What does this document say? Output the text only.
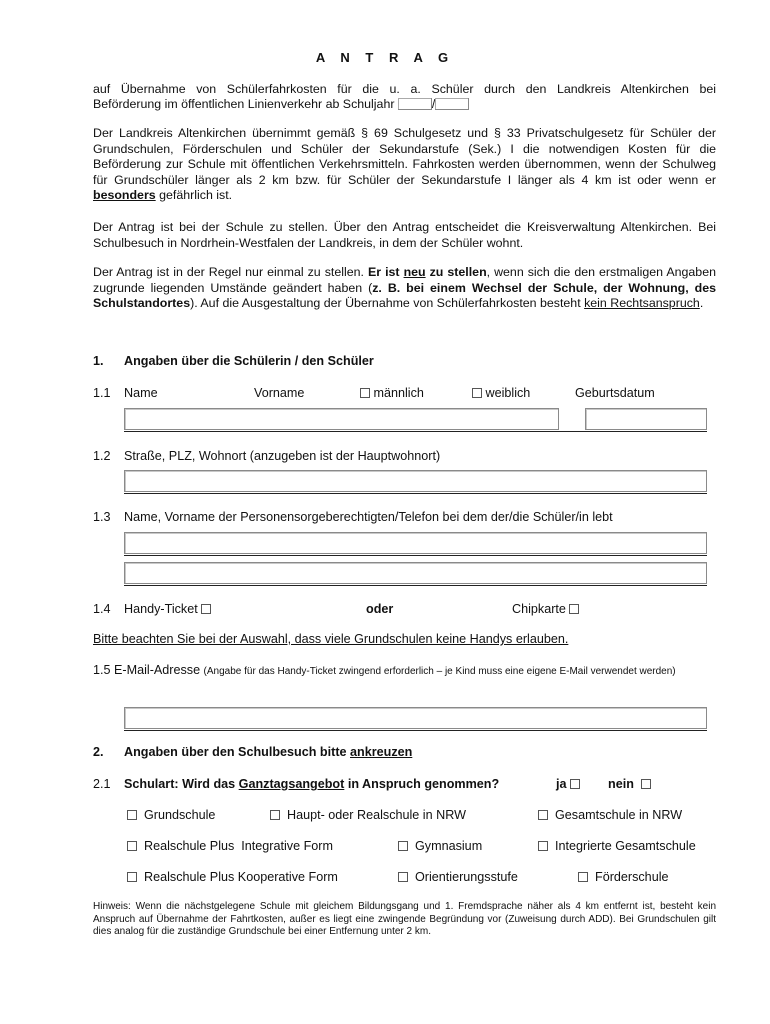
A N T R A G

auf Übernahme von Schülerfahrkosten für die u. a. Schüler durch den Landkreis Altenkirchen bei

Beförderung im öffentlichen Linienverkehr ab Schuljahr	/

Der Landkreis Altenkirchen übernimmt gemäß § 69 Schulgesetz und § 33 Privatschulgesetz für Schüler der Grundschulen, Förderschulen und Schüler der Sekundarstufe (Sek.) I die notwendigen Kosten für die Beförderung zur Schule mit öffentlichen Verkehrsmitteln. Fahrkosten werden übernommen, wenn der Schulweg für Grundschüler länger als 2 km bzw. für Schüler der Sekundarstufe I länger als 4 km ist oder wenn er besonders gefährlich ist.

Der Antrag ist bei der Schule zu stellen. Über den Antrag entscheidet die Kreisverwaltung Altenkirchen. Bei Schulbesuch in Nordrhein-Westfalen der Landkreis, in dem der Schüler wohnt.

Der Antrag ist in der Regel nur einmal zu stellen. Er ist neu zu stellen, wenn sich die den erstmaligen Angaben zugrunde liegenden Umstände geändert haben (z. B. bei einem Wechsel der Schule, der Wohnung, des Schulstandortes). Auf die Ausgestaltung der Übernahme von Schülerfahrkosten besteht kein Rechtsanspruch.

1. Angaben über die Schülerin / den Schüler
1.1 Name	Vorname	männlich	weiblich	Geburtsdatum
1.2 Straße, PLZ, Wohnort (anzugeben ist der Hauptwohnort)
1.3 Name, Vorname der Personensorgeberechtigten/Telefon bei dem der/die Schüler/in lebt
1.4 Handy-Ticket	oder	Chipkarte
Bitte beachten Sie bei der Auswahl, dass viele Grundschulen keine Handys erlauben.

1.5 E-Mail-Adresse (Angabe für das Handy-Ticket zwingend erforderlich – je Kind muss eine eigene E-Mail verwendet werden)

2. Angaben über den Schulbesuch bitte ankreuzen
2.1 Schulart: Wird das Ganztagsangebot in Anspruch genommen?	ja	nein
Grundschule	Haupt- oder Realschule in NRW	Gesamtschule in NRW
Realschule Plus  Integrative Form	Gymnasium	Integrierte Gesamtschule
Realschule Plus Kooperative Form	Orientierungsstufe	Förderschule

Hinweis: Wenn die nächstgelegene Schule mit gleichem Bildungsgang und 1. Fremdsprache näher als 4 km entfernt ist, besteht kein Anspruch auf Übernahme der Fahrtkosten, außer es liegt eine zwingende Begründung vor (Zuweisung durch ADD). Bei Grundschulen gilt dies analog für die zuständige Grundschule bei einer Entfernung unter 2 km.
